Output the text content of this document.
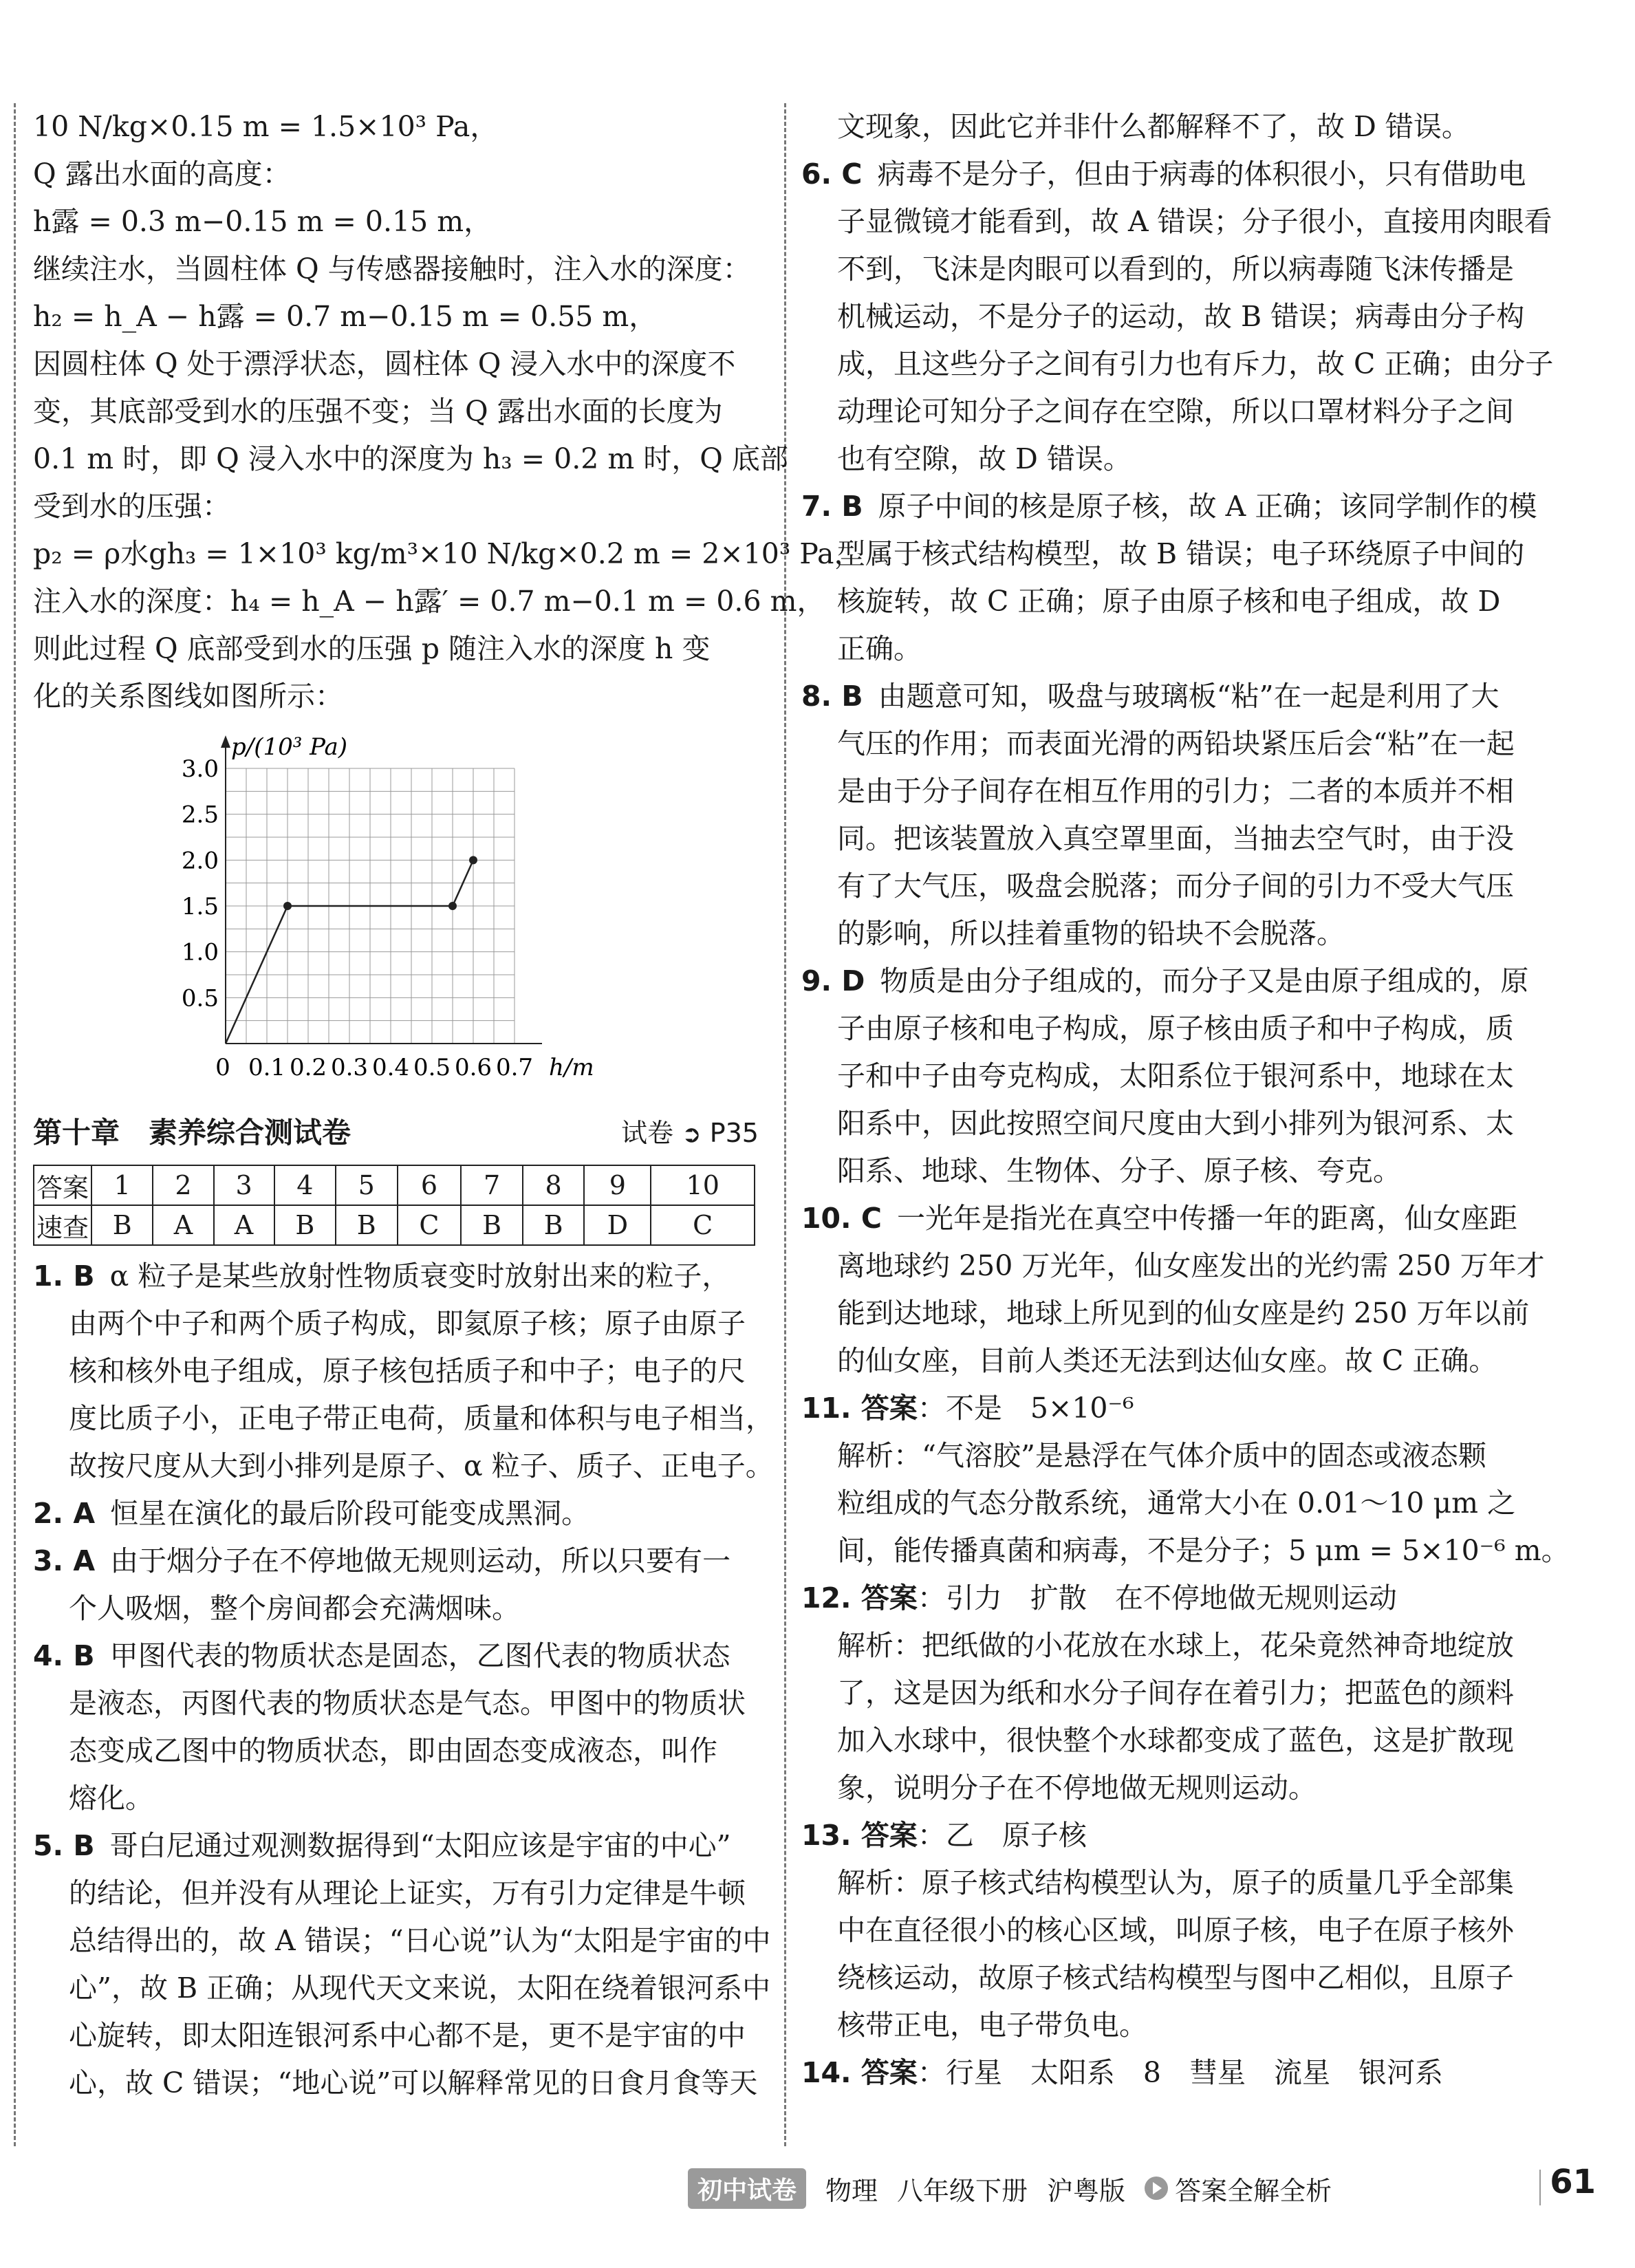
10 N/kg×0.15 m = 1.5×10³ Pa，
Q 露出水面的高度：
h露 = 0.3 m−0.15 m = 0.15 m，
继续注水，当圆柱体 Q 与传感器接触时，注入水的深度：
h₂ = h_A − h露 = 0.7 m−0.15 m = 0.55 m，
因圆柱体 Q 处于漂浮状态，圆柱体 Q 浸入水中的深度不
变，其底部受到水的压强不变；当 Q 露出水面的长度为
0.1 m 时，即 Q 浸入水中的深度为 h₃ = 0.2 m 时，Q 底部
受到水的压强：
p₂ = ρ水gh₃ = 1×10³ kg/m³×10 N/kg×0.2 m = 2×10³ Pa，
注入水的深度：h₄ = h_A − h露′ = 0.7 m−0.1 m = 0.6 m，
则此过程 Q 底部受到水的压强 p 随注入水的深度 h 变
化的关系图线如图所示：
p/(10³ Pa)
0.5
1.0
1.5
2.0
2.5
3.0
0 0.1 0.2 0.3 0.4 0.5 0.6 0.7 h/m
第十章　素养综合测试卷	试卷 ➲ P35
答案	1	2	3	4	5	6	7	8	9	10
速查	B	A	A	B	B	C	B	B	D	C
1. B α 粒子是某些放射性物质衰变时放射出来的粒子，
由两个中子和两个质子构成，即氦原子核；原子由原子
核和核外电子组成，原子核包括质子和中子；电子的尺
度比质子小，正电子带正电荷，质量和体积与电子相当，
故按尺度从大到小排列是原子、α 粒子、质子、正电子。
2. A 恒星在演化的最后阶段可能变成黑洞。
3. A 由于烟分子在不停地做无规则运动，所以只要有一
个人吸烟，整个房间都会充满烟味。
4. B 甲图代表的物质状态是固态，乙图代表的物质状态
是液态，丙图代表的物质状态是气态。甲图中的物质状
态变成乙图中的物质状态，即由固态变成液态，叫作
熔化。
5. B 哥白尼通过观测数据得到“太阳应该是宇宙的中心”
的结论，但并没有从理论上证实，万有引力定律是牛顿
总结得出的，故 A 错误；“日心说”认为“太阳是宇宙的中
心”，故 B 正确；从现代天文来说，太阳在绕着银河系中
心旋转，即太阳连银河系中心都不是，更不是宇宙的中
心，故 C 错误；“地心说”可以解释常见的日食月食等天
文现象，因此它并非什么都解释不了，故 D 错误。
6. C 病毒不是分子，但由于病毒的体积很小，只有借助电
子显微镜才能看到，故 A 错误；分子很小，直接用肉眼看
不到，飞沫是肉眼可以看到的，所以病毒随飞沫传播是
机械运动，不是分子的运动，故 B 错误；病毒由分子构
成，且这些分子之间有引力也有斥力，故 C 正确；由分子
动理论可知分子之间存在空隙，所以口罩材料分子之间
也有空隙，故 D 错误。
7. B 原子中间的核是原子核，故 A 正确；该同学制作的模
型属于核式结构模型，故 B 错误；电子环绕原子中间的
核旋转，故 C 正确；原子由原子核和电子组成，故 D
正确。
8. B 由题意可知，吸盘与玻璃板“粘”在一起是利用了大
气压的作用；而表面光滑的两铅块紧压后会“粘”在一起
是由于分子间存在相互作用的引力；二者的本质并不相
同。把该装置放入真空罩里面，当抽去空气时，由于没
有了大气压，吸盘会脱落；而分子间的引力不受大气压
的影响，所以挂着重物的铅块不会脱落。
9. D 物质是由分子组成的，而分子又是由原子组成的，原
子由原子核和电子构成，原子核由质子和中子构成，质
子和中子由夸克构成，太阳系位于银河系中，地球在太
阳系中，因此按照空间尺度由大到小排列为银河系、太
阳系、地球、生物体、分子、原子核、夸克。
10. C 一光年是指光在真空中传播一年的距离，仙女座距
离地球约 250 万光年，仙女座发出的光约需 250 万年才
能到达地球，地球上所见到的仙女座是约 250 万年以前
的仙女座，目前人类还无法到达仙女座。故 C 正确。
11. 答案：不是　5×10⁻⁶
解析：“气溶胶”是悬浮在气体介质中的固态或液态颗
粒组成的气态分散系统，通常大小在 0.01～10 μm 之
间，能传播真菌和病毒，不是分子；5 μm = 5×10⁻⁶ m。
12. 答案：引力　扩散　在不停地做无规则运动
解析：把纸做的小花放在水球上，花朵竟然神奇地绽放
了，这是因为纸和水分子间存在着引力；把蓝色的颜料
加入水球中，很快整个水球都变成了蓝色，这是扩散现
象，说明分子在不停地做无规则运动。
13. 答案：乙　原子核
解析：原子核式结构模型认为，原子的质量几乎全部集
中在直径很小的核心区域，叫原子核，电子在原子核外
绕核运动，故原子核式结构模型与图中乙相似，且原子
核带正电，电子带负电。
14. 答案：行星　太阳系　8　彗星　流星　银河系
初中试卷	物理 八年级下册 沪粤版 答案全解全析	61
